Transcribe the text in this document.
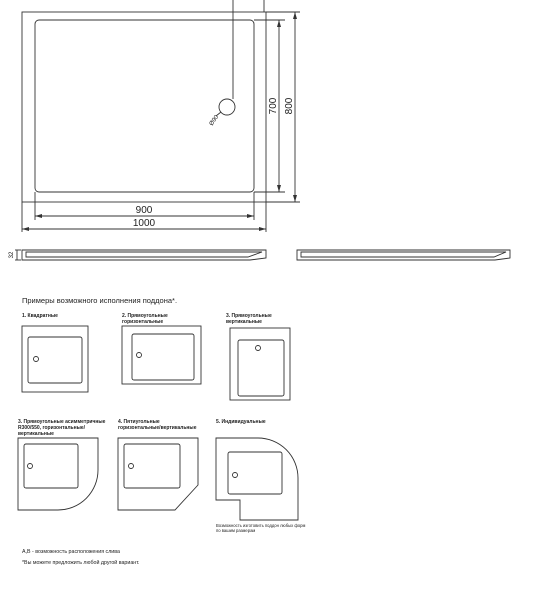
900
1000
700 800
32
Ø90
Примеры возможного исполнения поддона*.
1. Квадратные	2. Прямоугольные горизонтальные
3. Прямоугольные вертикальные
3. Прямоугольные асимметричные R300/550, горизонтальные/ вертикальные
4. Пятиугольные горизонтальные/вертикальные
5. Индивидуальные
Возможность изготовить поддон любых форм по вашим размерам
A,B - возможность расположения слива
*Вы можете предложить любой другой вариант.
